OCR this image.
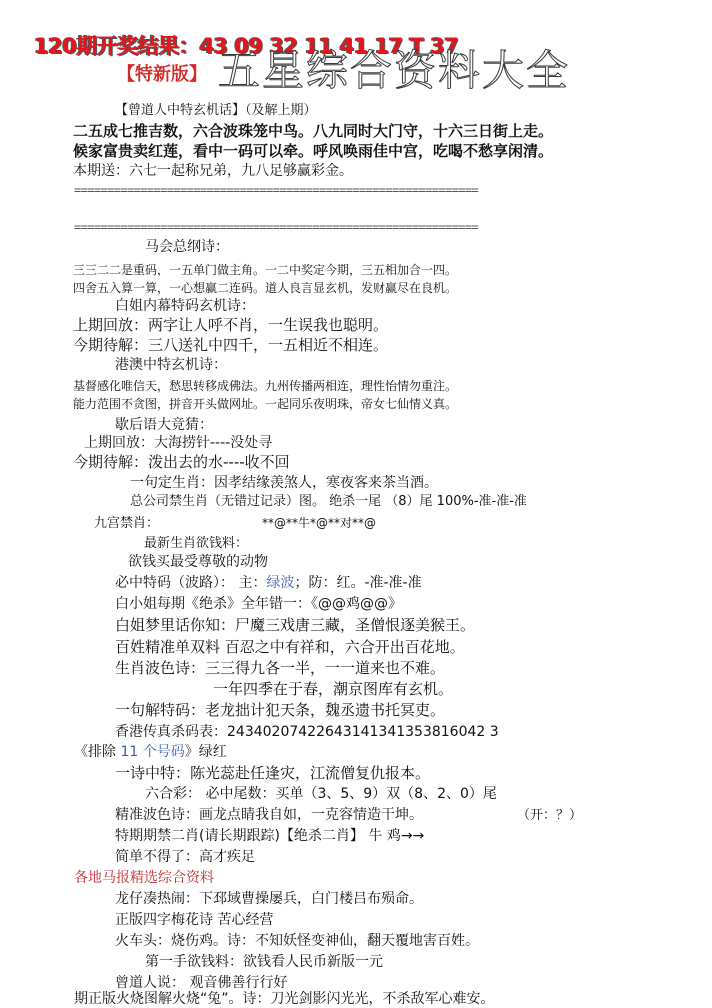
120期开奖结果：43 09 32 11 41 17 T 37
【特新版】 五星综合资料大全
【曾道人中特玄机话】（及解上期）
二五成七推吉数，六合波珠笼中鸟。八九同时大门守，十六三日街上走。
候家富贵卖红莲，看中一码可以牵。呼风唤雨佳中宫，吃喝不愁享闲清。
本期送：六七一起称兄弟，九八足够赢彩金。
=============================================================
=============================================================
马会总纲诗：
三三二二是重码，一五单门做主角。一二中奖定今期，三五相加合一四。
四舍五入算一算，一心想赢二连码。道人良言显玄机，发财赢尽在良机。
白姐内幕特码玄机诗：
上期回放：两字让人呼不肖，一生误我也聪明。
今期待解：三八送礼中四千，一五相近不相连。
港澳中特玄机诗：
基督感化唯信天，愁思转移成佛法。九州传播两相连，理性怡情勿重注。
能力范围不贪图，拼音开头做网址。一起同乐夜明珠，帝女七仙情义真。
歇后语大竞猜：
上期回放：大海捞针----没处寻
今期待解：泼出去的水----收不回
一句定生肖：因孝结缘羡煞人，寒夜客来茶当酒。
总公司禁生肖（无错过记录）图。 绝杀一尾 （8）尾 100%-准-准-准
九宫禁肖：	**@**牛*@**对**@
最新生肖欲钱料：
欲钱买最受尊敬的动物
必中特码（波路）： 主：绿波；防：红。-准-准-准
白小姐每期《绝杀》全年错一：《@@鸡@@》
白姐梦里话你知：尸魔三戏唐三藏，圣僧恨逐美猴王。
百姓精准单双料 百忍之中有祥和，六合开出百花地。
生肖波色诗：三三得九各一半，一一道来也不难。
一年四季在于春，潮京图库有玄机。
一句解特码：老龙拙计犯天条，魏丞遗书托冥吏。
香港传真杀码表：24340207422643141341353816042 3
《排除 11 个号码》绿红
一诗中特：陈光蕊赴任逢灾，江流僧复仇报本。
六合彩： 必中尾数：买单（3、5、9）双（8、2、0）尾
精准波色诗：画龙点睛我自如，一克容情造干坤。	（开：？）
特期期禁二肖(请长期跟踪)【绝杀二肖】 牛 鸡→→
简单不得了：高才疾足
各地马报精选综合资料
龙仔凑热闹：下邳域曹操屡兵，白门楼吕布殒命。
正版四字梅花诗 苦心经营
火车头：烧伤鸡。诗：不知妖怪变神仙，翻天覆地害百姓。
第一手欲钱料：欲钱看人民币新版一元
曾道人说： 观音佛善行行好
期正版火烧图解火烧“兔”。诗：刀光剑影闪光光，不杀敌军心难安。
